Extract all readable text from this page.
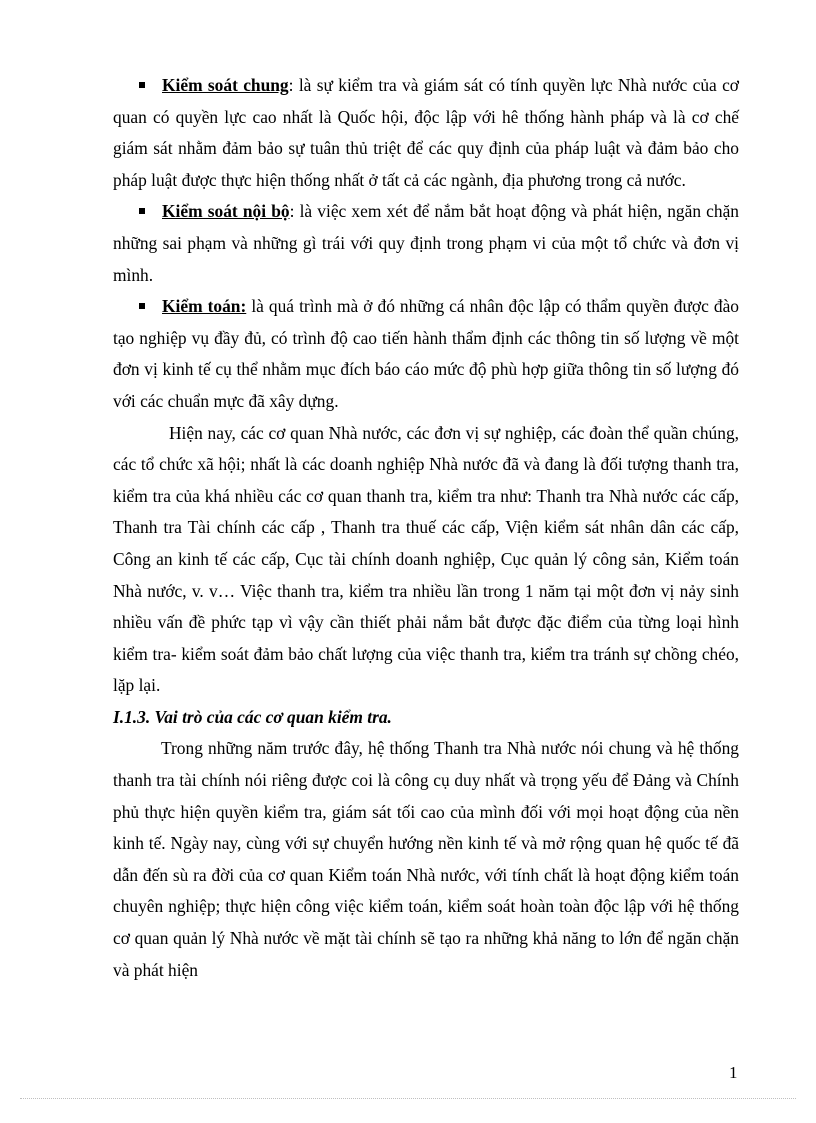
Kiểm soát chung: là sự kiểm tra và giám sát có tính quyền lực Nhà nước của cơ quan có quyền lực cao nhất là Quốc hội, độc lập với hê thống hành pháp và là cơ chế giám sát nhằm đảm bảo sự tuân thủ triệt để các quy định của pháp luật và đảm bảo cho pháp luật được thực hiện thống nhất ở tất cả các ngành, địa phương trong cả nước.

Kiểm soát nội bộ: là việc xem xét để nắm bắt hoạt động và phát hiện, ngăn chặn những sai phạm và những gì trái với quy định trong phạm vi của một tổ chức và đơn vị mình.

Kiểm toán: là quá trình mà ở đó những cá nhân độc lập có thẩm quyền được đào tạo nghiệp vụ đầy đủ, có trình độ cao tiến hành thẩm định các thông tin số lượng về một đơn vị kinh tế cụ thể nhằm mục đích báo cáo mức độ phù hợp giữa thông tin số lượng đó với các chuẩn mực đã xây dựng.

Hiện nay, các cơ quan Nhà nước, các đơn vị sự nghiệp, các đoàn thể quần chúng, các tổ chức xã hội; nhất là các doanh nghiệp Nhà nước đã và đang là đối tượng thanh tra, kiểm tra của khá nhiều các cơ quan thanh tra, kiểm tra như: Thanh tra Nhà nước các cấp, Thanh tra Tài chính các cấp , Thanh tra thuế các cấp, Viện kiểm sát nhân dân các cấp, Công an kinh tế các cấp, Cục tài chính doanh nghiệp, Cục quản lý công sản, Kiểm toán Nhà nước, v. v… Việc thanh tra, kiểm tra nhiều lần trong 1 năm tại một đơn vị nảy sinh nhiều vấn đề phức tạp vì vậy cần thiết phải nắm bắt được đặc điểm của từng loại hình kiểm tra- kiểm soát đảm bảo chất lượng của việc thanh tra, kiểm tra tránh sự chồng chéo, lặp lại.

I.1.3. Vai trò của các cơ quan kiểm tra.

Trong những năm trước đây, hệ thống Thanh tra Nhà nước nói chung và hệ thống thanh tra tài chính nói riêng được coi là công cụ duy nhất và trọng yếu để Đảng và Chính phủ thực hiện quyền kiểm tra, giám sát tối cao của mình đối với mọi hoạt động của nền kinh tế. Ngày nay, cùng với sự chuyển hướng nền kinh tế và mở rộng quan hệ quốc tế đã dẫn đến sù ra đời của cơ quan Kiểm toán Nhà nước, với tính chất là hoạt động kiểm toán chuyên nghiệp; thực hiện công việc kiểm toán, kiểm soát hoàn toàn độc lập với hệ thống cơ quan quản lý Nhà nước về mặt tài chính sẽ tạo ra những khả năng to lớn để ngăn chặn và phát hiện

1
